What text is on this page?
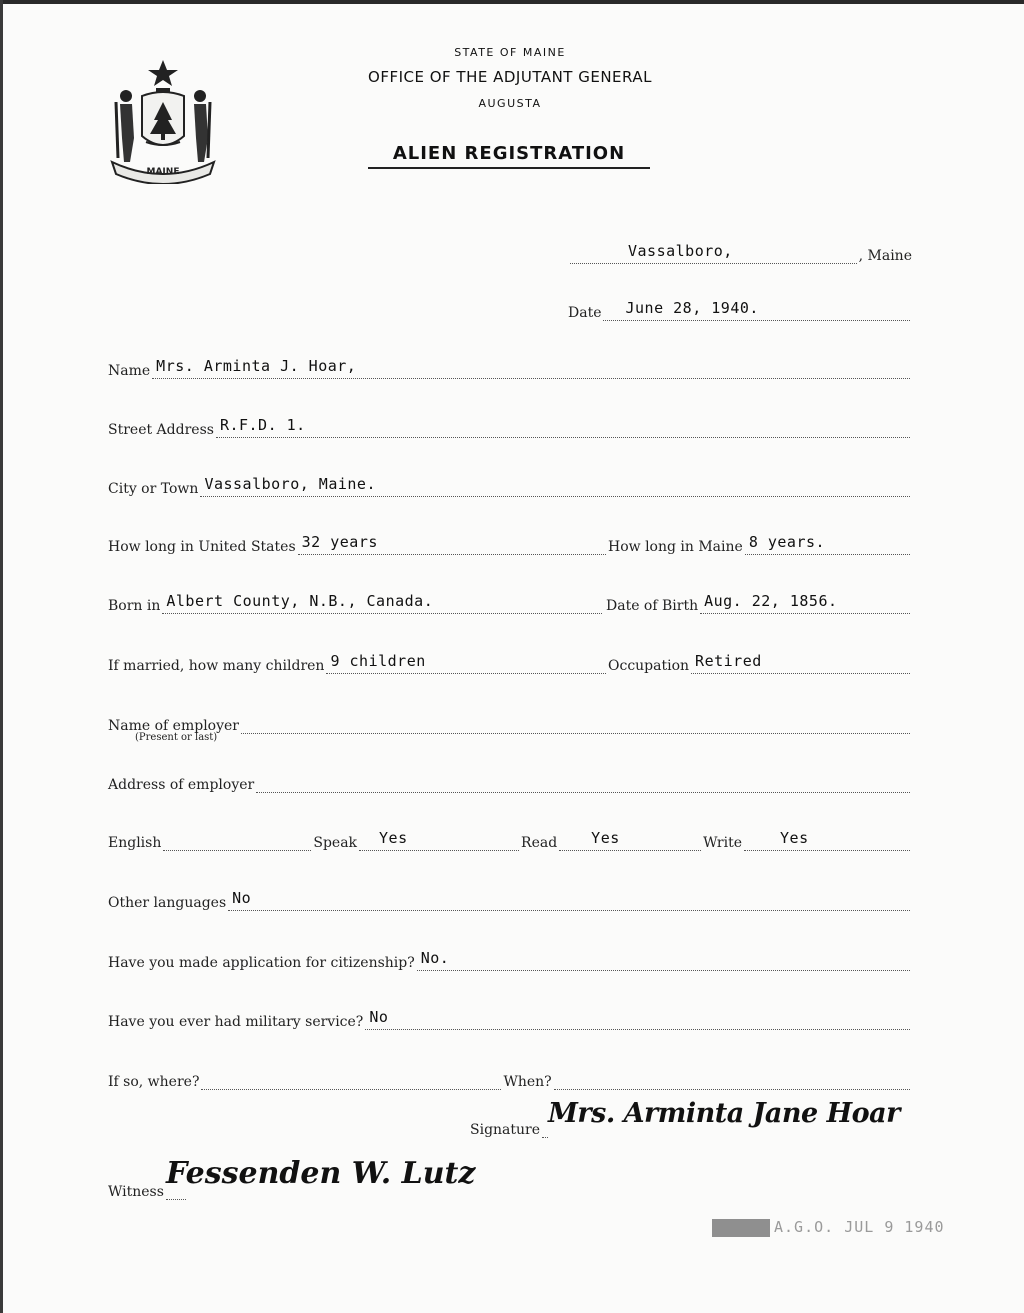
MAINE
STATE OF MAINE
OFFICE OF THE ADJUTANT GENERAL
AUGUSTA
ALIEN REGISTRATION
Vassalboro,	, Maine
Date June 28, 1940.
Name Mrs. Arminta J. Hoar,
Street Address R.F.D. 1.
City or Town Vassalboro, Maine.
How long in United States 32 years	How long in Maine 8 years.
Born in Albert County, N.B., Canada.	Date of Birth Aug. 22, 1856.
If married, how many children 9 children	Occupation Retired
Name of employer
(Present or last)
Address of employer
English	Speak Yes	Read Yes	Write	Yes
Other languages No
Have you made application for citizenship? No.
Have you ever had military service? No
If so, where?	When?
Signature
Mrs. Arminta Jane Hoar
Witness
Fessenden W. Lutz
A.G.O. JUL 9 1940
